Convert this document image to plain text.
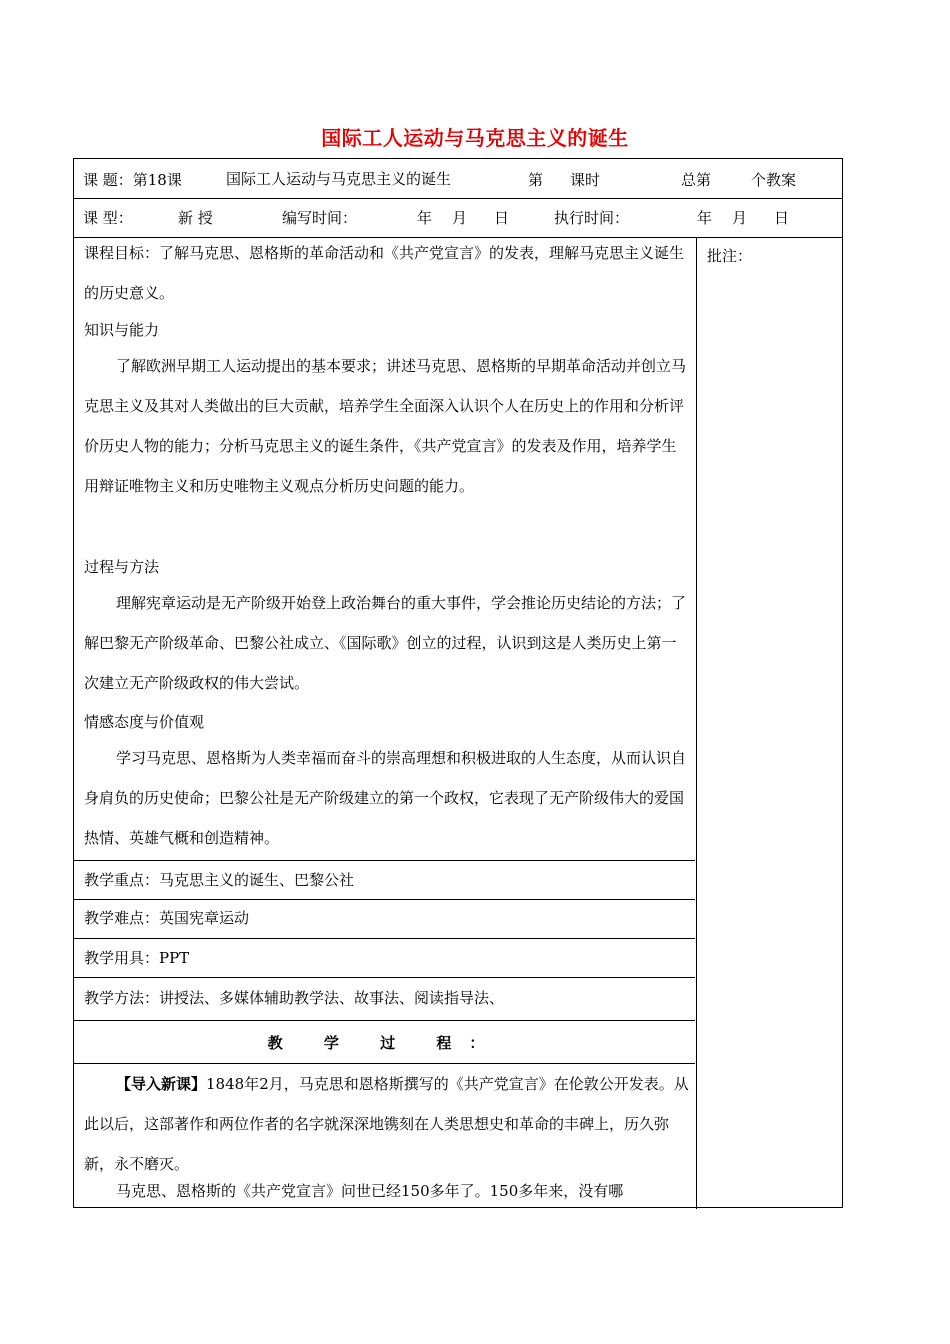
国际工人运动与马克思主义的诞生
课 题：第18课	国际工人运动与马克思主义的诞生	第 课时	总第	个教案
课 型：	新 授	编写时间：	年 月 日	执行时间：	年 月 日
批注：
课程目标：了解马克思、恩格斯的革命活动和《共产党宣言》的发表，理解马克思主义诞生的历史意义。
知识与能力
了解欧洲早期工人运动提出的基本要求；讲述马克思、恩格斯的早期革命活动并创立马克思主义及其对人类做出的巨大贡献，培养学生全面深入认识个人在历史上的作用和分析评价历史人物的能力；分析马克思主义的诞生条件，《共产党宣言》的发表及作用，培养学生用辩证唯物主义和历史唯物主义观点分析历史问题的能力。
过程与方法
理解宪章运动是无产阶级开始登上政治舞台的重大事件，学会推论历史结论的方法；了解巴黎无产阶级革命、巴黎公社成立、《国际歌》创立的过程，认识到这是人类历史上第一次建立无产阶级政权的伟大尝试。
情感态度与价值观
学习马克思、恩格斯为人类幸福而奋斗的崇高理想和积极进取的人生态度，从而认识自身肩负的历史使命；巴黎公社是无产阶级建立的第一个政权，它表现了无产阶级伟大的爱国热情、英雄气概和创造精神。
教学重点：马克思主义的诞生、巴黎公社
教学难点：英国宪章运动
教学用具：PPT
教学方法：讲授法、多媒体辅助教学法、故事法、阅读指导法、
教 学 过 程：
【导入新课】1848年2月，马克思和恩格斯撰写的《共产党宣言》在伦敦公开发表。从此以后，这部著作和两位作者的名字就深深地镌刻在人类思想史和革命的丰碑上，历久弥新，永不磨灭。
马克思、恩格斯的《共产党宣言》问世已经150多年了。150多年来，没有哪
